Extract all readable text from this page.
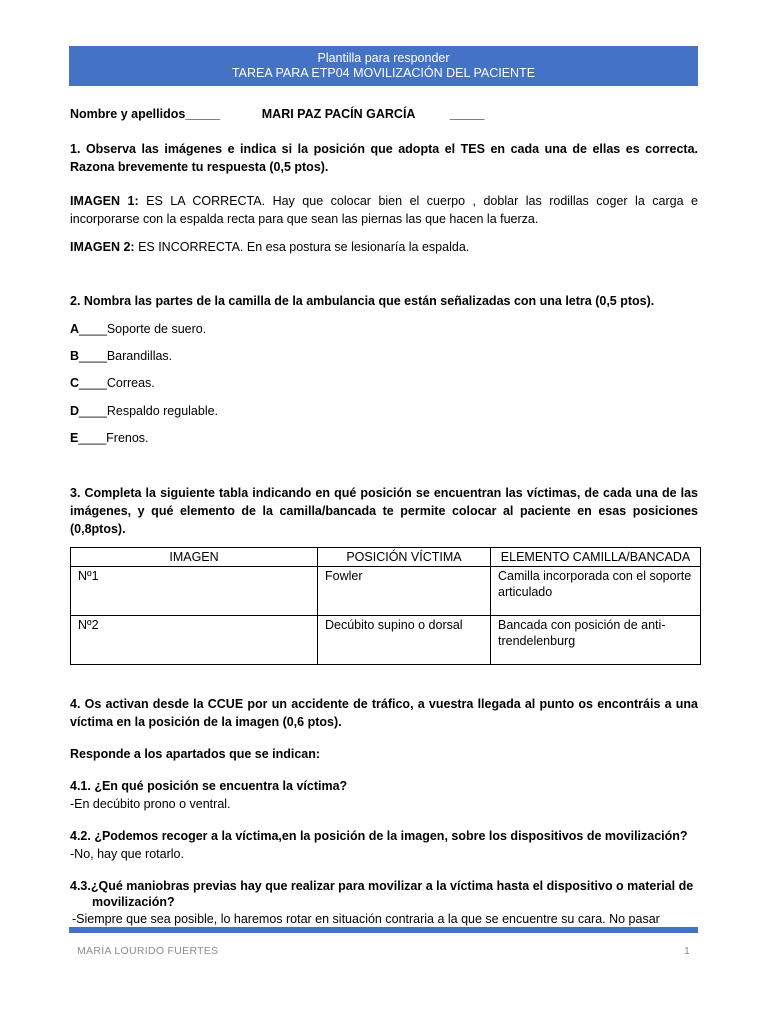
Plantilla para responder
TAREA PARA ETP04 MOVILIZACIÓN DEL PACIENTE
Nombre y apellidos_____	MARI PAZ PACÍN GARCÍA	_____
1. Observa las imágenes e indica si la posición que adopta el TES en cada una de ellas es correcta. Razona brevemente tu respuesta (0,5 ptos).
IMAGEN 1: ES LA CORRECTA. Hay que colocar bien el cuerpo , doblar las rodillas coger la carga e incorporarse con la espalda recta para que sean las piernas las que hacen la fuerza.
IMAGEN 2: ES INCORRECTA. En esa postura se lesionaría la espalda.
2. Nombra las partes de la camilla de la ambulancia que están señalizadas con una letra (0,5 ptos).
A____Soporte de suero.
B____Barandillas.
C____Correas.
D____Respaldo regulable.
E____Frenos.
3. Completa la siguiente tabla indicando en qué posición se encuentran las víctimas, de cada una de las imágenes, y qué elemento de la camilla/bancada te permite colocar al paciente en esas posiciones (0,8ptos).
IMAGEN	POSICIÓN VÍCTIMA	ELEMENTO CAMILLA/BANCADA
Nº1	Fowler	Camilla incorporada con el soporte articulado
Nº2	Decúbito supino o dorsal	Bancada con posición de anti-trendelenburg
4. Os activan desde la CCUE por un accidente de tráfico, a vuestra llegada al punto os encontráis a una víctima en la posición de la imagen (0,6 ptos).
Responde a los apartados que se indican:
4.1. ¿En qué posición se encuentra la víctima?
-En decúbito prono o ventral.
4.2. ¿Podemos recoger a la víctima,en la posición de la imagen, sobre los dispositivos de movilización?
-No, hay que rotarlo.
4.3.¿Qué maniobras previas hay que realizar para movilizar a la víctima hasta el dispositivo o material de
movilización?
-Siempre que sea posible, lo haremos rotar en situación contraria a la que se encuentre su cara. No pasar
MARÍA LOURIDO FUERTES	1
